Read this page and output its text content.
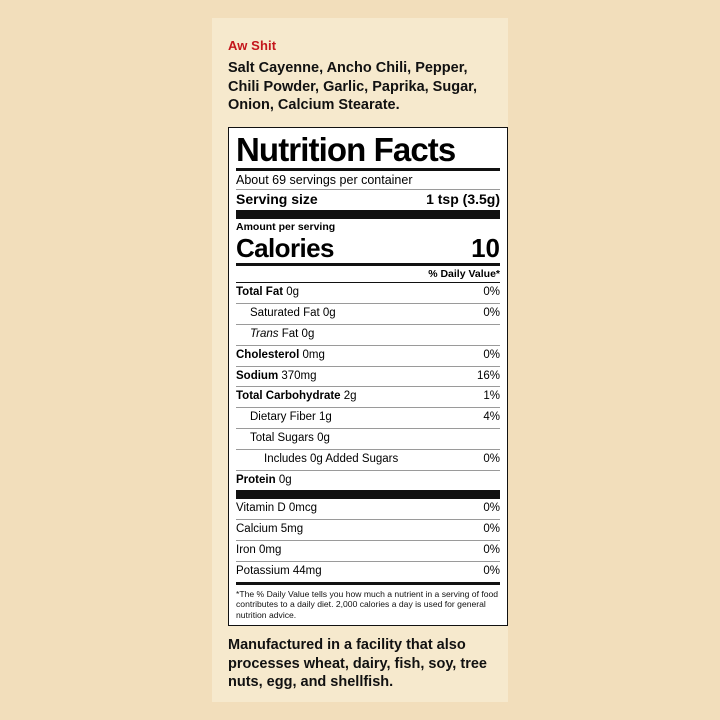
Aw Shit
Salt Cayenne, Ancho Chili, Pepper, Chili Powder, Garlic, Paprika, Sugar, Onion, Calcium Stearate.
Nutrition Facts
About 69 servings per container
Serving size	1 tsp (3.5g)
Amount per serving
Calories	10
% Daily Value*
Total Fat 0g	0%
Saturated Fat 0g	0%
Trans Fat 0g
Cholesterol 0mg	0%
Sodium 370mg	16%
Total Carbohydrate 2g	1%
Dietary Fiber 1g	4%
Total Sugars 0g
Includes 0g Added Sugars	0%
Protein 0g
Vitamin D 0mcg	0%
Calcium 5mg	0%
Iron 0mg	0%
Potassium 44mg	0%
*The % Daily Value tells you how much a nutrient in a serving of food contributes to a daily diet. 2,000 calories a day is used for general nutrition advice.
Manufactured in a facility that also processes wheat, dairy, fish, soy, tree nuts, egg, and shellfish.
